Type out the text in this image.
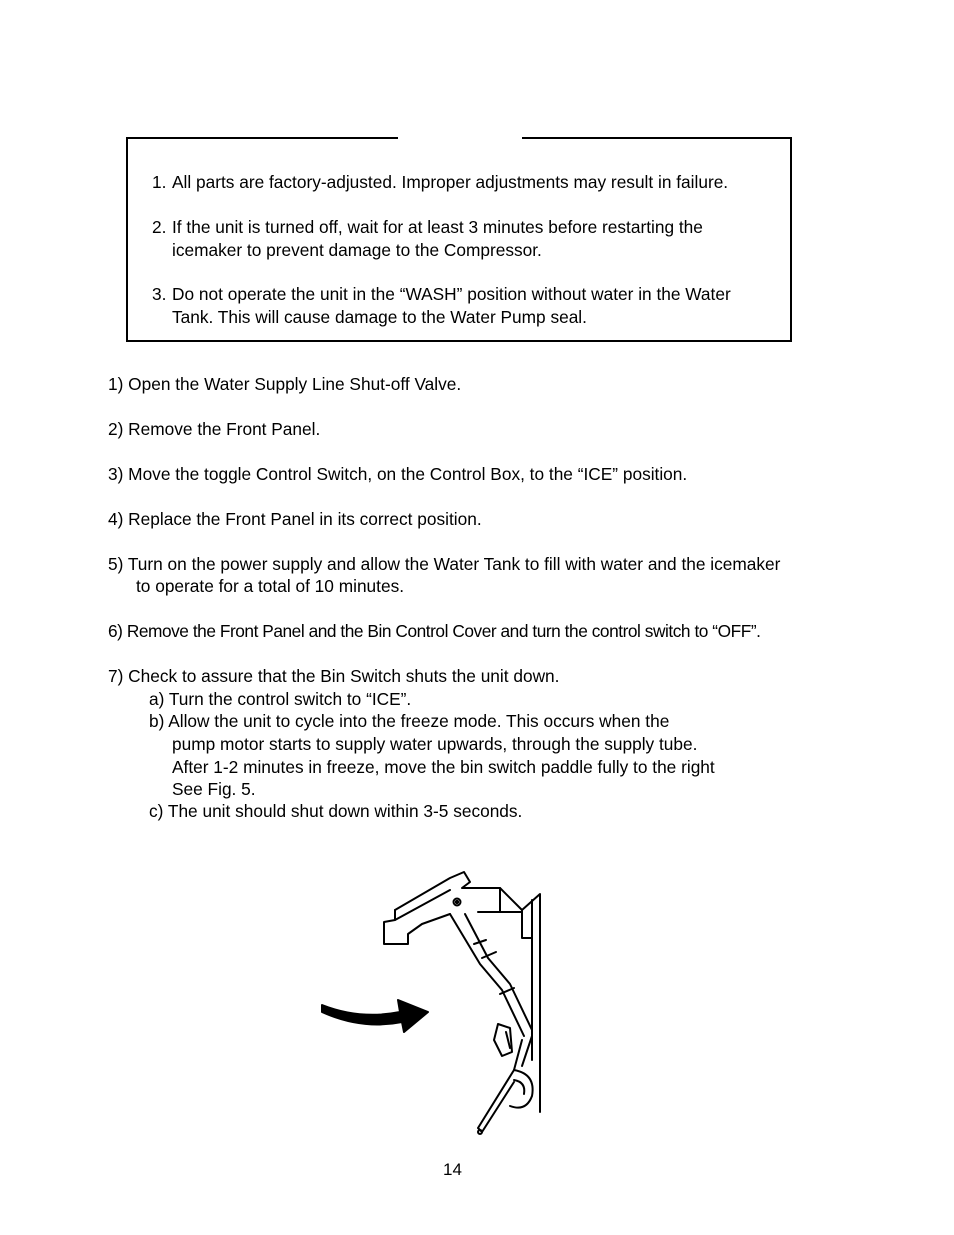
1. All parts are factory-adjusted. Improper adjustments may result in failure.
2. If the unit is turned off, wait for at least 3 minutes before restarting the
icemaker to prevent damage to the Compressor.
3. Do not operate the unit in the “WASH” position without water in the Water
Tank. This will cause damage to the Water Pump seal.
1) Open the Water Supply Line Shut-off Valve.
2) Remove the Front Panel.
3) Move the toggle Control Switch, on the Control Box, to the “ICE” position.
4) Replace the Front Panel in its correct position.
5) Turn on the power supply and allow the Water Tank to fill with water and the icemaker
to operate for a total of 10 minutes.
6) Remove the Front Panel and the Bin Control Cover and turn the control switch to “OFF”.
7) Check to assure that the Bin Switch shuts the unit down.
a) Turn the control switch to “ICE”.
b) Allow the unit to cycle into the freeze mode. This occurs when the
pump motor starts to supply water upwards, through the supply tube.
After 1-2 minutes in freeze, move the bin switch paddle fully to the right
See Fig. 5.
c) The unit should shut down within 3-5 seconds.
14
